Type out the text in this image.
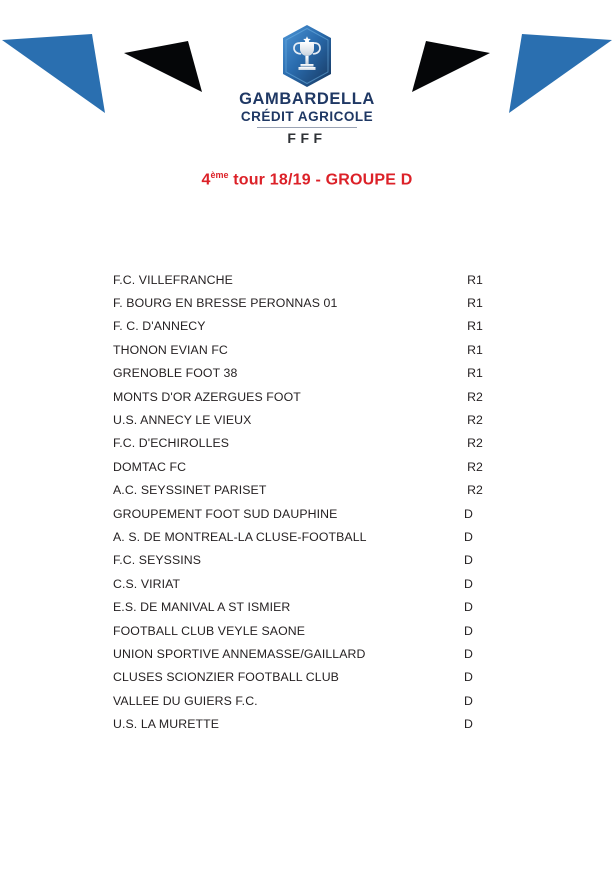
GAMBARDELLA
CRÉDIT AGRICOLE
FFF
4ème tour 18/19 - GROUPE D
F.C. VILLEFRANCHE	R1
F. BOURG EN BRESSE PERONNAS 01	R1
F. C. D'ANNECY	R1
THONON EVIAN FC	R1
GRENOBLE FOOT 38	R1
MONTS D'OR AZERGUES FOOT	R2
U.S. ANNECY LE VIEUX	R2
F.C. D'ECHIROLLES	R2
DOMTAC FC	R2
A.C. SEYSSINET PARISET	R2
GROUPEMENT FOOT SUD DAUPHINE	D
A. S. DE MONTREAL-LA CLUSE-FOOTBALL	D
F.C. SEYSSINS	D
C.S. VIRIAT	D
E.S. DE MANIVAL A ST ISMIER	D
FOOTBALL CLUB VEYLE SAONE	D
UNION SPORTIVE ANNEMASSE/GAILLARD	D
CLUSES SCIONZIER FOOTBALL CLUB	D
VALLEE DU GUIERS F.C.	D
U.S. LA MURETTE	D
